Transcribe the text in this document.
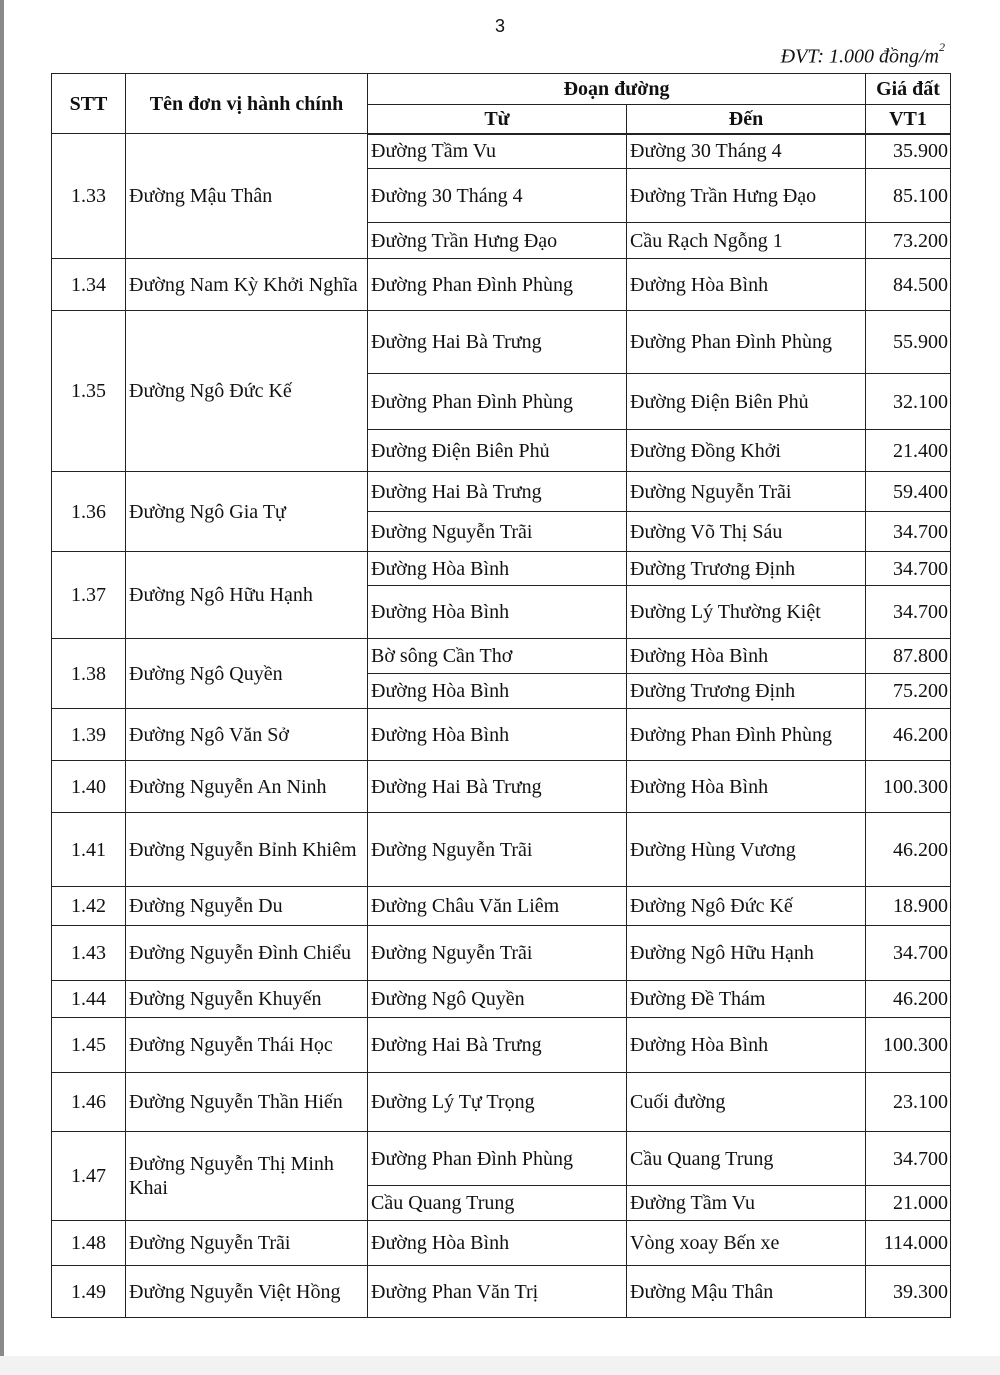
3
ĐVT: 1.000 đồng/$m^2$
STT	Tên đơn vị hành chính	Đoạn đường		Giá đất
		Từ	Đến	VT1
1.33	Đường Mậu Thân	Đường Tầm Vu	Đường 30 Tháng 4	35.900
		Đường 30 Tháng 4	Đường Trần Hưng Đạo	85.100
		Đường Trần Hưng Đạo	Cầu Rạch Ngỗng 1	73.200
1.34	Đường Nam Kỳ Khởi Nghĩa	Đường Phan Đình Phùng	Đường Hòa Bình	84.500
1.35	Đường Ngô Đức Kế	Đường Hai Bà Trưng	Đường Phan Đình Phùng	55.900
		Đường Phan Đình Phùng	Đường Điện Biên Phủ	32.100
		Đường Điện Biên Phủ	Đường Đồng Khởi	21.400
1.36	Đường Ngô Gia Tự	Đường Hai Bà Trưng	Đường Nguyễn Trãi	59.400
		Đường Nguyễn Trãi	Đường Võ Thị Sáu	34.700
1.37	Đường Ngô Hữu Hạnh	Đường Hòa Bình	Đường Trương Định	34.700
		Đường Hòa Bình	Đường Lý Thường Kiệt	34.700
1.38	Đường Ngô Quyền	Bờ sông Cần Thơ	Đường Hòa Bình	87.800
		Đường Hòa Bình	Đường Trương Định	75.200
1.39	Đường Ngô Văn Sở	Đường Hòa Bình	Đường Phan Đình Phùng	46.200
1.40	Đường Nguyễn An Ninh	Đường Hai Bà Trưng	Đường Hòa Bình	100.300
1.41	Đường Nguyễn Bỉnh Khiêm	Đường Nguyễn Trãi	Đường Hùng Vương	46.200
1.42	Đường Nguyễn Du	Đường Châu Văn Liêm	Đường Ngô Đức Kế	18.900
1.43	Đường Nguyễn Đình Chiểu	Đường Nguyễn Trãi	Đường Ngô Hữu Hạnh	34.700
1.44	Đường Nguyễn Khuyến	Đường Ngô Quyền	Đường Đề Thám	46.200
1.45	Đường Nguyễn Thái Học	Đường Hai Bà Trưng	Đường Hòa Bình	100.300
1.46	Đường Nguyễn Thần Hiến	Đường Lý Tự Trọng	Cuối đường	23.100
1.47	Đường Nguyễn Thị Minh Khai	Đường Phan Đình Phùng	Cầu Quang Trung	34.700
		Cầu Quang Trung	Đường Tầm Vu	21.000
1.48	Đường Nguyễn Trãi	Đường Hòa Bình	Vòng xoay Bến xe	114.000
1.49	Đường Nguyễn Việt Hồng	Đường Phan Văn Trị	Đường Mậu Thân	39.300
